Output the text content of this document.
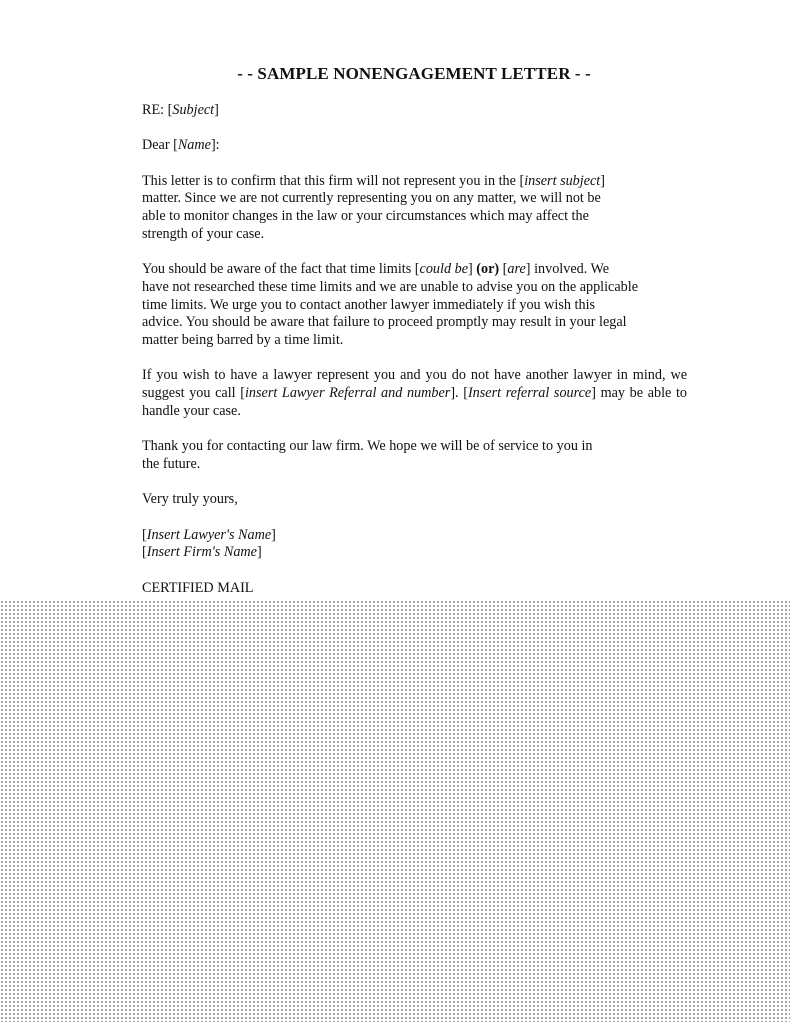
- - SAMPLE NONENGAGEMENT LETTER - -

RE: [Subject]

Dear [Name]:

This letter is to confirm that this firm will not represent you in the [insert subject]
matter. Since we are not currently representing you on any matter, we will not be
able to monitor changes in the law or your circumstances which may affect the
strength of your case.

You should be aware of the fact that time limits [could be] (or) [are] involved. We
have not researched these time limits and we are unable to advise you on the applicable
time limits. We urge you to contact another lawyer immediately if you wish this
advice. You should be aware that failure to proceed promptly may result in your legal
matter being barred by a time limit.

If you wish to have a lawyer represent you and you do not have another lawyer in mind, we suggest you call [insert Lawyer Referral and number]. [Insert referral source] may be able to handle your case.

Thank you for contacting our law firm. We hope we will be of service to you in
the future.

Very truly yours,

[Insert Lawyer's Name]

[Insert Firm's Name]

CERTIFIED MAIL
